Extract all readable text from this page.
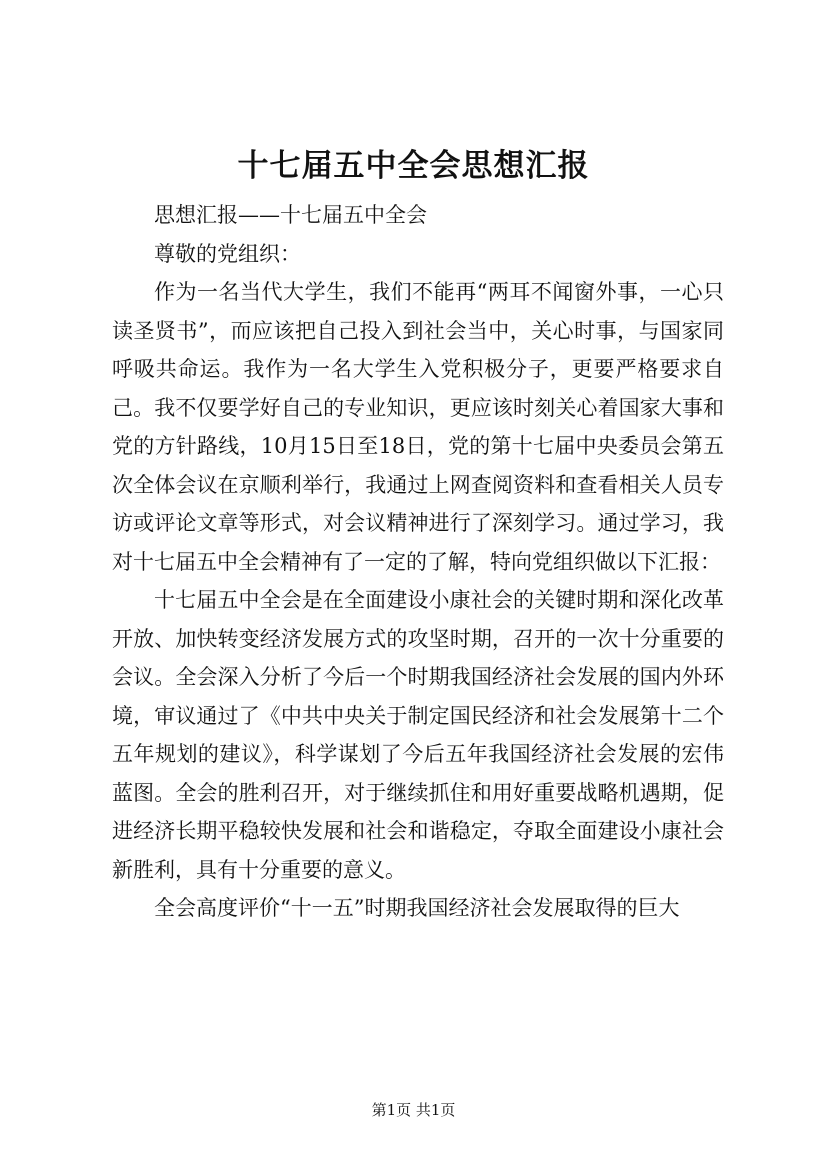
十七届五中全会思想汇报

思想汇报——十七届五中全会

尊敬的党组织：

作为一名当代大学生，我们不能再“两耳不闻窗外事，一心只读圣贤书”，而应该把自己投入到社会当中，关心时事，与国家同呼吸共命运。我作为一名大学生入党积极分子，更要严格要求自己。我不仅要学好自己的专业知识，更应该时刻关心着国家大事和党的方针路线，10月15日至18日，党的第十七届中央委员会第五次全体会议在京顺利举行，我通过上网查阅资料和查看相关人员专访或评论文章等形式，对会议精神进行了深刻学习。通过学习，我对十七届五中全会精神有了一定的了解，特向党组织做以下汇报：

十七届五中全会是在全面建设小康社会的关键时期和深化改革开放、加快转变经济发展方式的攻坚时期，召开的一次十分重要的会议。全会深入分析了今后一个时期我国经济社会发展的国内外环境，审议通过了《中共中央关于制定国民经济和社会发展第十二个五年规划的建议》，科学谋划了今后五年我国经济社会发展的宏伟蓝图。全会的胜利召开，对于继续抓住和用好重要战略机遇期，促进经济长期平稳较快发展和社会和谐稳定，夺取全面建设小康社会新胜利，具有十分重要的意义。

全会高度评价“十一五”时期我国经济社会发展取得的巨大

第1页 共1页
